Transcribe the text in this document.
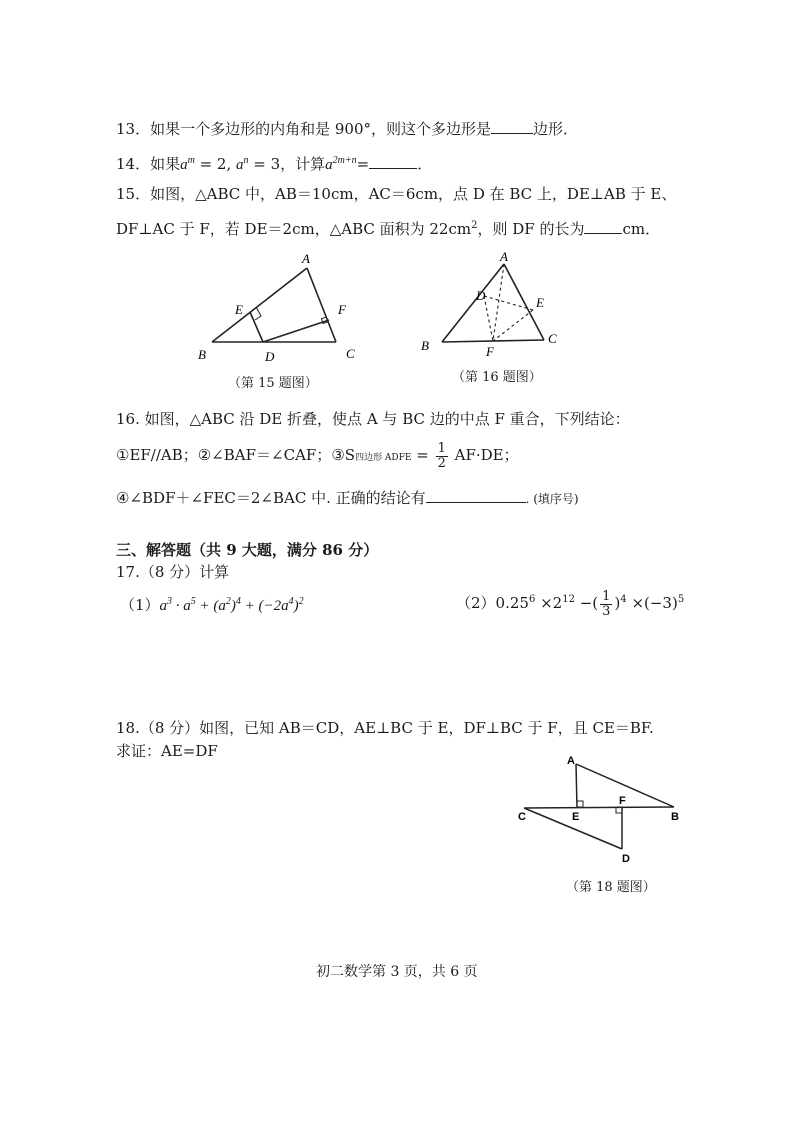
13．如果一个多边形的内角和是 900°，则这个多边形是	边形．
14．如果$a^m = 2$, $a^n = 3$，计算$a^{2m+n}=$	．
15．如图，△ABC 中，AB＝10cm，AC＝6cm，点 D 在 BC 上，DE⊥AB 于 E、
DF⊥AC 于 F，若 DE＝2cm，△ABC 面积为 $22cm^2$，则 DF 的长为	cm．
A
B	C
D
E	F
（第 15 题图）
A
B	C
D	E
F
（第 16 题图）
16. 如图，△ABC 沿 DE 折叠，使点 A 与 BC 边的中点 F 重合，下列结论：
①EF//AB；②∠BAF＝∠CAF；③S四边形 ADFE = $\frac{1}{2} AF\cdot DE$；
④∠BDF＋∠FEC＝2∠BAC 中. 正确的结论有	. (填序号)
三、解答题（共 9 大题，满分 86 分）
17.（8 分）计算
$(1)a^3 \cdot a^5 + (a^2)^4 + (-2a^4)^2$	$(2)0.25^6 \times 2^{12}$ −( $\frac{1}{3} )^4 \times(-3)^5$
18.（8 分）如图，已知 AB＝CD，AE⊥BC 于 E，DF⊥BC 于 F，且 CE＝BF.
求证：AE=DF
A
B
C
D
E
F
（第 18 题图）
初二数学第 3 页，共 6 页
